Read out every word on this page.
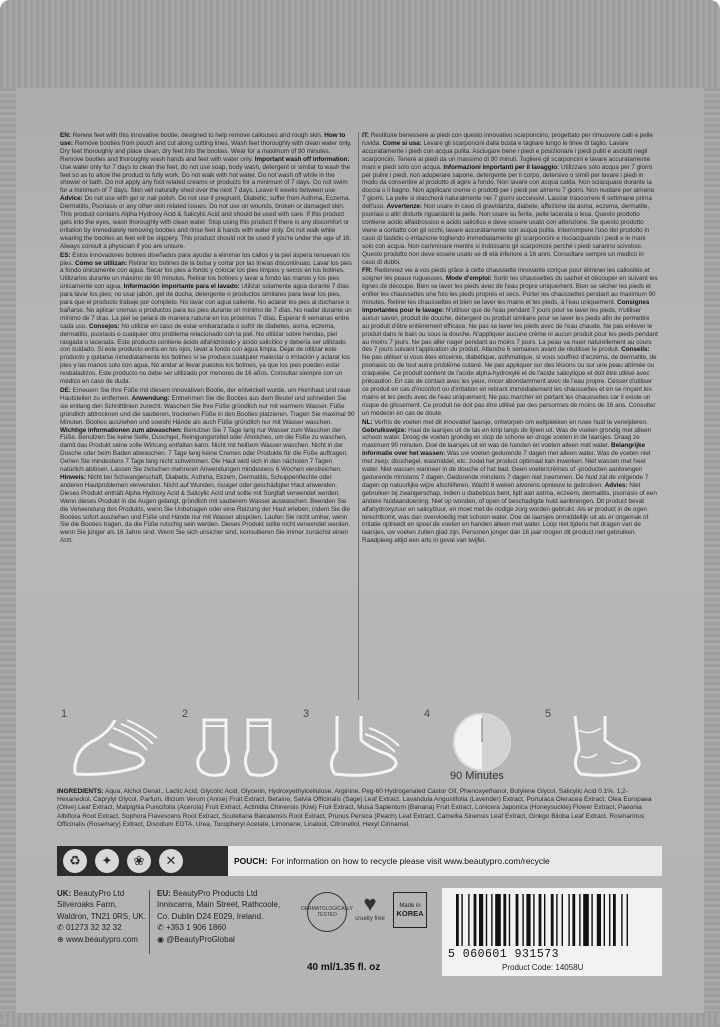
EN: Renew feet with this innovative bootie, designed to help remove callouses and rough skin. How to use: Remove booties from pouch and cut along cutting lines. Wash feet thoroughly with clean water only. Dry feet thoroughly and place clean, dry feet into the booties. Wear for a maximum of 90 minutes. Remove booties and thoroughly wash hands and feet with water only. Important wash off information: Use water only for 7 days to clean the feet, do not use soap, body wash, detergent or similar to wash the feet so as to allow the product to fully work. Do not walk with hot water. Do not wash off while in the shower or bath. Do not apply any foot related creams or products for a minimum of 7 days. Do not swim for a minimum of 7 days. Skin will naturally shed over the next 7 days. Leave 6 weeks between use. Advice: Do not use with gel or nail polish. Do not use if pregnant, Diabetic, suffer from Asthma, Eczema, Dermatitis, Psoriasis or any other skin related issues. Do not use on wounds, broken or damaged skin. This product contains Alpha Hydroxy Acid & Salicylic Acid and should be used with care. If this product gets into the eyes, wash thoroughly with clean water. Stop using this product if there is any discomfort or irritation by immediately removing booties and rinse feet & hands with water only. Do not walk while wearing the booties as feet will be slippery. This product should not be used if you're under the age of 16. Always consult a physician if you are unsure.

ES: Estos innovadores botines diseñados para ayudar a eliminar los callos y la piel áspera renuevan los pies. Cómo se utilizan: Retirar los botines de la bolsa y cortar por las líneas discontinuas. Lavar los pies a fondo únicamente con agua. Secar los pies a fondo y colocar los pies limpios y secos en los botines. Utilizarlos durante un máximo de 90 minutos. Retirar los botines y lavar a fondo las manos y los pies únicamente con agua. Información importante para el lavado: Utilizar solamente agua durante 7 días para lavar los pies; no usar jabón, gel de ducha, detergente o productos similares para lavar los pies, para que el producto trabaje por completo. No lavar con agua caliente. No aclarar los pies al ducharse o bañarse. No aplicar cremas o productos para los pies durante un mínimo de 7 días. No nadar durante un mínimo de 7 días. La piel se pelará de manera natural en los próximos 7 días. Esperar 6 semanas entre cada uso. Consejos: No utilizar en caso de estar embarazada o sufrir de diabetes, asma, eczema, dermatitis, psoriasis o cualquier otro problema relacionado con la piel. No utilizar sobre heridas, piel rasgada o lacerada. Este producto contiene ácido alfahidróxido y ácido salicílico y debería ser utilizado con cuidado. Si este producto entra en los ojos, lavar a fondo con agua limpia. Dejar de utilizar este producto y quitarse inmediatamente los botines si se produce cualquier malestar o irritación y aclarar los pies y las manos solo con agua. No andar al llevar puestos los botines, ya que los pies pueden estar resbaladizos. Este producto no debe ser utilizado por menores de 16 años. Consultar siempre con un médico en caso de duda.

DE: Erneuern Sie Ihre Füße mit diesem innovativen Bootie, der entwickelt wurde, um Hornhaut und raue Hautstellen zu entfernen. Anwendung: Entnehmen Sie die Booties aus dem Beutel und schneiden Sie sie entlang den Schnittlinien zurecht. Waschen Sie Ihre Füße gründlich nur mit warmem Wasser. Füße gründlich abtrocknen und die sauberen, trockenen Füße in den Booties platzieren. Tragen Sie maximal 90 Minuten. Booties ausziehen und sowohl Hände als auch Füße gründlich nur mit Wasser waschen. Wichtige informationen zum abwaschen: Benutzen Sie 7 Tage lang nur Wasser zum Waschen der Füße. Benutzen Sie keine Seife, Duschgel, Reinigungsmittel oder Ähnliches, um die Füße zu waschen, damit das Produkt seine volle Wirkung entfalten kann. Nicht mit heißem Wasser waschen. Nicht in der Dusche oder beim Baden abwaschen. 7 Tage lang keine Cremes oder Produkte für die Füße auftragen. Gehen Sie mindestens 7 Tage lang nicht schwimmen. Die Haut wird sich in den nächsten 7 Tagen natürlich ablösen. Lassen Sie zwischen mehreren Anwendungen mindestens 6 Wochen verstreichen. Hinweis: Nicht bei Schwangerschaft, Diabetis, Asthma, Ekzem, Dermatitis, Schuppenflechte oder anderen Hautproblemen verwenden. Nicht auf Wunden, rissiger oder geschädigter Haut anwenden. Dieses Produkt enthält Alpha Hydroxy Acid & Salicylic Acid und sollte mit Sorgfalt verwendet werden. Wenn dieses Produkt in die Augen gelangt, gründlich mit sauberem Wasser auswaschen. Beenden Sie die Verwendung des Produkts, wenn Sie Unbehagen oder eine Reizung der Haut erleben, indem Sie die Booties sofort ausziehen und Füße und Hände nur mit Wasser abspülen. Laufen Sie nicht umher, wenn Sie die Booties tragen, da die Füße rutschig sein werden. Dieses Produkt sollte nicht verwendet werden, wenn Sie jünger als 16 Jahre sind. Wenn Sie sich unsicher sind, konsultieren Sie immer zunächst einen Arzt.

IT: Restituire benessere ai piedi con questo innovativo scarponcino, progettato per rimuovere calli e pelle ruvida. Come si usa: Levare gli scarponcini dalla busta e tagliare lungo le linee di taglio. Lavare accuratamente i piedi con acqua pulita. Asciugare bene i piedi e posizionare i piedi puliti e asciutti negli scarponcini. Tenere ai piedi da un massimo di 90 minuti. Togliere gli scarponcini e lavare accuratamente mani e piedi solo con acqua. Informazioni importanti per il lavaggio: Utilizzare solo acqua per 7 giorni per pulire i piedi, non adoperare sapone, detergente per il corpo, detersivo o simili per lavare i piedi in modo da consentire al prodotto di agire a fondo. Non lavare con acqua calda. Non sciacquare durante la doccia o il bagno. Non applicare creme o prodotti per i piedi per almeno 7 giorni. Non nuotare per almeno 7 giorni. La pelle si staccherà naturalmente nei 7 giorni successivi. Lasciar trascorrere 6 settimane prima dell'uso. Avvertenze: Non usare in caso di gravidanza, diabete, affezione da asma, eczema, dermatite, psoriasi o altri disturbi riguardanti la pelle. Non usare su ferite, pelle lacerata o lesa. Questo prodotto contiene acido alfaidrossico e acido salicilico e deve essere usato con attenzione. Se questo prodotto viene a contatto con gli occhi, lavare accuratamente con acqua pulita. Interrompere l'uso del prodotto in caso di fastidio o irritazione togliendo immediatamente gli scarponcini e risciacquando i piedi e le mani solo con acqua. Non camminare mentre si indossano gli scarponcini perché i piedi saranno scivolosi. Questo prodotto non deve essere usato se di età inferiore a 16 anni. Consultare sempre un medico in caso di dubbi.

FR: Redonnez vie à vos pieds grâce à cette chaussette innovante conçue pour éliminer les callosités et soigner les peaux rugueuses. Mode d'emploi: Sortir les chaussettes du sachet et découper en suivant les lignes de découpe. Bien se laver les pieds avec de l'eau propre uniquement. Bien se sécher les pieds et enfiler les chaussettes une fois les pieds propres et secs. Porter les chaussettes pendant au maximum 90 minutes. Retirer les chaussettes et bien se laver les mains et les pieds, à l'eau uniquement. Consignes importantes pour le lavage: N'utiliser que de l'eau pendant 7 jours pour se laver les pieds, n'utiliser aucun savon, produit de douche, détergent ou produit similaire pour se laver les pieds afin de permettre au produit d'être entièrement efficace. Ne pas se laver les pieds avec de l'eau chaude. Ne pas enlever le produit dans le bain ou sous la douche. N'appliquer aucune crème ni aucun produit pour les pieds pendant au moins 7 jours. Ne pas aller nager pendant au moins 7 jours. La peau va muer naturellement au cours des 7 jours suivant l'application du produit. Attendre 6 semaines avant de réutiliser le produit. Conseils: Ne pas utiliser si vous êtes enceinte, diabétique, asthmatique, si vous souffrez d'eczéma, de dermatite, de psoriasis ou de tout autre problème cutané. Ne pas appliquer sur des lésions ou sur une peau abîmée ou craquelée. Ce produit contient de l'acide alpha-hydroxylé et de l'acide salicylique et doit être utilisé avec précaution. En cas de contact avec les yeux, rincer abondamment avec de l'eau propre. Cesser d'utiliser ce produit en cas d'inconfort ou d'irritation en retirant immédiatement les chaussettes et en se rinçant les mains et les pieds avec de l'eau uniquement. Ne pas marcher en portant les chaussettes car il existe un risque de glissement. Ce produit ne doit pas être utilisé par des personnes de moins de 16 ans. Consulter un médecin en cas de doute.

NL: Verfris de voeten met dit innovatief laarsje, ontworpen om eeltplekken en ruwe huid te verwijderen. Gebruikswijze: Haal de laarsjes uit de tas en knip langs de lijnen uit. Was de voeten grondig met alleen schoon water. Droog de voeten grondig en stop de schone en droge voeten in de laarsjes. Draag ze maximum 90 minuten. Doe de laarsjes uit en was de handen en voeten alleen met water. Belangrijke informatie over het wassen: Was uw voeten gedurende 7 dagen met alleen water. Was de voeten niet met zeep, douchegel, wasmiddel, etc. zodat het product optimaal kan inwerken. Niet wassen met heet water. Niet wassen wanneer in de douche of het bad. Geen voetencrèmes of -producten aanbrengen gedurende minstens 7 dagen. Gedurende minstens 7 dagen niet zwemmen. De huid zal de volgende 7 dagen op natuurlijke wijze afschilferen. Wacht 6 weken alvorens opnieuw te gebruiken. Advies: Niet gebruiken bij zwangerschap, indien u diabeticus bent, lijdt aan astma, eczeem, dermatitis, psoriasis of een andere huidaandoening. Niet op wonden, of open of beschadigde huid aanbrengen. Dit product bevat alfahydroxyzuur en salicylzuur, en moet met de nodige zorg worden gebruikt. Als er product in de ogen terechtkomt, was dan overvloedig met schoon water. Doe de laarsjes onmiddellijk uit als er ongemak of irritatie optreedt en spoel de voeten en handen alleen met water. Loop niet tijdens het dragen van de laarsjes, uw voeten zullen glad zijn. Personen jonger dan 16 jaar mogen dit product niet gebruiken. Raadpleeg altijd een arts in geval van twijfel.

1	2	3	4
90 Minutes
5
INGREDIENTS: Aqua, Alchol Denat., Lactic Acid, Glycolic Acid, Glycerin, Hydroxyethylcellulose, Arginine, Peg-60 Hydrogenated Castor Oil, Phenoxyethanol, Butylene Glycol, Salicylic Acid 0.1%, 1,2-Hexanediol, Caprylyl Glycol, Parfum, Illicium Verum (Anise) Fruit Extract, Betaine, Salvia Officinalis (Sage) Leaf Extract, Lavandula Angustifolia (Lavender) Extract, Portulaca Oleracea Extract, Olea Europaea (Olive) Leaf Extract, Malpighia Punicifolia (Acerola) Fruit Extract, Actinidia Chinensis (Kiwi) Fruit Extract, Musa Sapientum (Banana) Fruit Extract, Lonicera Japonica (Honeysuckle) Flower Extract, Paeonia Albiflora Root Extract, Sophora Flavescens Root Extract, Scutellaria Baicalensis Root Extract, Prunus Persica (Peach) Leaf Extract, Camellia Sinensis Leaf Extract, Ginkgo Biloba Leaf Extract, Rosmarinus Officinalis (Rosemary) Extract, Disodium EDTA, Urea, Tocopheryl Acetate, Limonene, Linalool, Citronellol, Hexyl Cinnamal.
♻	✦	❀	✕	POUCH: For information on how to recycle please visit www.beautypro.com/recycle
UK: BeautyPro Ltd
Silveroaks Farm,
Waldron, TN21 0RS, UK.
✆ 01273 32 32 32
⊕ www.beautypro.com
EU: BeautyPro Products Ltd
Inniscarra, Main Street, Rathcoole,
Co. Dublin D24 E029, Ireland.
✆ +353 1 906 1860
◉ @BeautyProGlobal
DERMATOLOGICALLY TESTED	♥
cruelty free
Made in
KOREA
40 ml/1.35 fl. oz
5 060601 931573
Product Code: 14058U
